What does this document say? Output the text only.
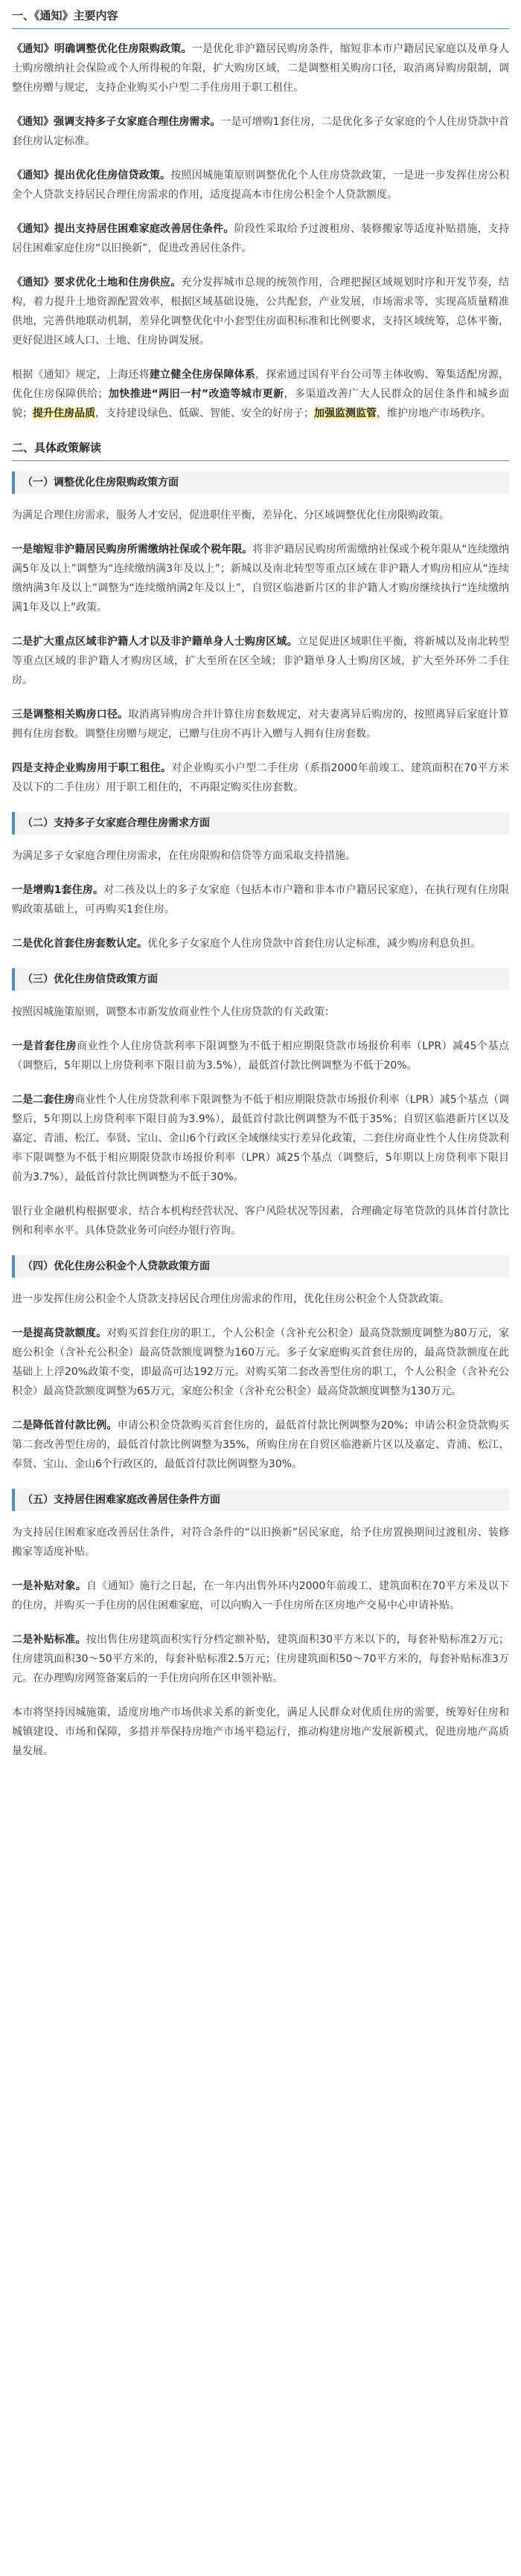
一、《通知》主要内容

《通知》明确调整优化住房限购政策。一是优化非沪籍居民购房条件，缩短非本市户籍居民家庭以及单身人士购房缴纳社会保险或个人所得税的年限，扩大购房区域，二是调整相关购房口径，取消离异购房限制，调整住房赠与规定，支持企业购买小户型二手住房用于职工租住。

《通知》强调支持多子女家庭合理住房需求。一是可增购1套住房，二是优化多子女家庭的个人住房贷款中首套住房认定标准。

《通知》提出优化住房信贷政策。按照因城施策原则调整优化个人住房贷款政策，一是进一步发挥住房公积金个人贷款支持居民合理住房需求的作用，适度提高本市住房公积金个人贷款额度。

《通知》提出支持居住困难家庭改善居住条件。阶段性采取给予过渡租房、装修搬家等适度补贴措施，支持居住困难家庭住房“以旧换新”，促进改善居住条件。

《通知》要求优化土地和住房供应。充分发挥城市总规的统领作用，合理把握区域规划时序和开发节奏，结构，着力提升土地资源配置效率，根据区域基础设施，公共配套，产业发展，市场需求等，实现高质量精准供地，完善供地联动机制，差异化调整优化中小套型住房面积标准和比例要求，支持区域统筹，总体平衡，更好促进区域人口、土地、住房协调发展。

根据《通知》规定，上海还将建立健全住房保障体系，探索通过国有平台公司等主体收购、筹集适配房源，优化住房保障供给；加快推进“两旧一村”改造等城市更新，多渠道改善广大人民群众的居住条件和城乡面貌；提升住房品质，支持建设绿色、低碳、智能、安全的好房子；加强监测监管，维护房地产市场秩序。

二、具体政策解读
（一）调整优化住房限购政策方面

为满足合理住房需求，服务人才安居，促进职住平衡，差异化、分区域调整优化住房限购政策。

一是缩短非沪籍居民购房所需缴纳社保或个税年限。将非沪籍居民购房所需缴纳社保或个税年限从“连续缴纳满5年及以上”调整为“连续缴纳满3年及以上”；新城以及南北转型等重点区域在非沪籍人才购房相应从“连续缴纳满3年及以上”调整为“连续缴纳满2年及以上”，自贸区临港新片区的非沪籍人才购房继续执行“连续缴纳满1年及以上”政策。

二是扩大重点区域非沪籍人才以及非沪籍单身人士购房区域。立足促进区域职住平衡，将新城以及南北转型等重点区域的非沪籍人才购房区域，扩大至所在区全域；非沪籍单身人士购房区域，扩大至外环外二手住房。

三是调整相关购房口径。取消离异购房合并计算住房套数规定，对夫妻离异后购房的，按照离异后家庭计算拥有住房套数。调整住房赠与规定，已赠与住房不再计入赠与人拥有住房套数。

四是支持企业购房用于职工租住。对企业购买小户型二手住房（系指2000年前竣工、建筑面积在70平方米及以下的二手住房）用于职工租住的，不再限定购买住房套数。

（二）支持多子女家庭合理住房需求方面

为满足多子女家庭合理住房需求，在住房限购和信贷等方面采取支持措施。

一是增购1套住房。对二孩及以上的多子女家庭（包括本市户籍和非本市户籍居民家庭），在执行现有住房限购政策基础上，可再购买1套住房。

二是优化首套住房套数认定。优化多子女家庭个人住房贷款中首套住房认定标准，减少购房利息负担。

（三）优化住房信贷政策方面

按照因城施策原则，调整本市新发放商业性个人住房贷款的有关政策：

一是首套住房商业性个人住房贷款利率下限调整为不低于相应期限贷款市场报价利率（LPR）减45个基点（调整后，5年期以上房贷利率下限目前为3.5%），最低首付款比例调整为不低于20%。

二是二套住房商业性个人住房贷款利率下限调整为不低于相应期限贷款市场报价利率（LPR）减5个基点（调整后，5年期以上房贷利率下限目前为3.9%），最低首付款比例调整为不低于35%；自贸区临港新片区以及嘉定、青浦、松江、奉贤、宝山、金山6个行政区全域继续实行差异化政策，二套住房商业性个人住房贷款利率下限调整为不低于相应期限贷款市场报价利率（LPR）减25个基点（调整后，5年期以上房贷利率下限目前为3.7%），最低首付款比例调整为不低于30%。

银行业金融机构根据要求，结合本机构经营状况、客户风险状况等因素，合理确定每笔贷款的具体首付款比例和利率水平。具体贷款业务可向经办银行咨询。

（四）优化住房公积金个人贷款政策方面

进一步发挥住房公积金个人贷款支持居民合理住房需求的作用，优化住房公积金个人贷款政策。

一是提高贷款额度。对购买首套住房的职工，个人公积金（含补充公积金）最高贷款额度调整为80万元，家庭公积金（含补充公积金）最高贷款额度调整为160万元。多子女家庭购买首套住房的，最高贷款额度在此基础上上浮20%政策不变，即最高可达192万元。对购买第二套改善型住房的职工，个人公积金（含补充公积金）最高贷款额度调整为65万元，家庭公积金（含补充公积金）最高贷款额度调整为130万元。

二是降低首付款比例。申请公积金贷款购买首套住房的，最低首付款比例调整为20%；申请公积金贷款购买第二套改善型住房的，最低首付款比例调整为35%，所购住房在自贸区临港新片区以及嘉定、青浦、松江、奉贤、宝山、金山6个行政区的，最低首付款比例调整为30%。

（五）支持居住困难家庭改善居住条件方面

为支持居住困难家庭改善居住条件，对符合条件的“以旧换新”居民家庭，给予住房置换期间过渡租房、装修搬家等适度补贴。

一是补贴对象。自《通知》施行之日起，在一年内出售外环内2000年前竣工、建筑面积在70平方米及以下的住房，并购买一手住房的居住困难家庭，可以向购入一手住房所在区房地产交易中心申请补贴。

二是补贴标准。按出售住房建筑面积实行分档定额补贴，建筑面积30平方米以下的，每套补贴标准2万元；住房建筑面积30～50平方米的，每套补贴标准2.5万元；住房建筑面积50～70平方米的，每套补贴标准3万元。在办理购房网签备案后的一手住房向所在区申领补贴。

本市将坚持因城施策，适度房地产市场供求关系的新变化，满足人民群众对优质住房的需要，统筹好住房和城镇建设、市场和保障，多措并举保持房地产市场平稳运行，推动构建房地产发展新模式，促进房地产高质量发展。
